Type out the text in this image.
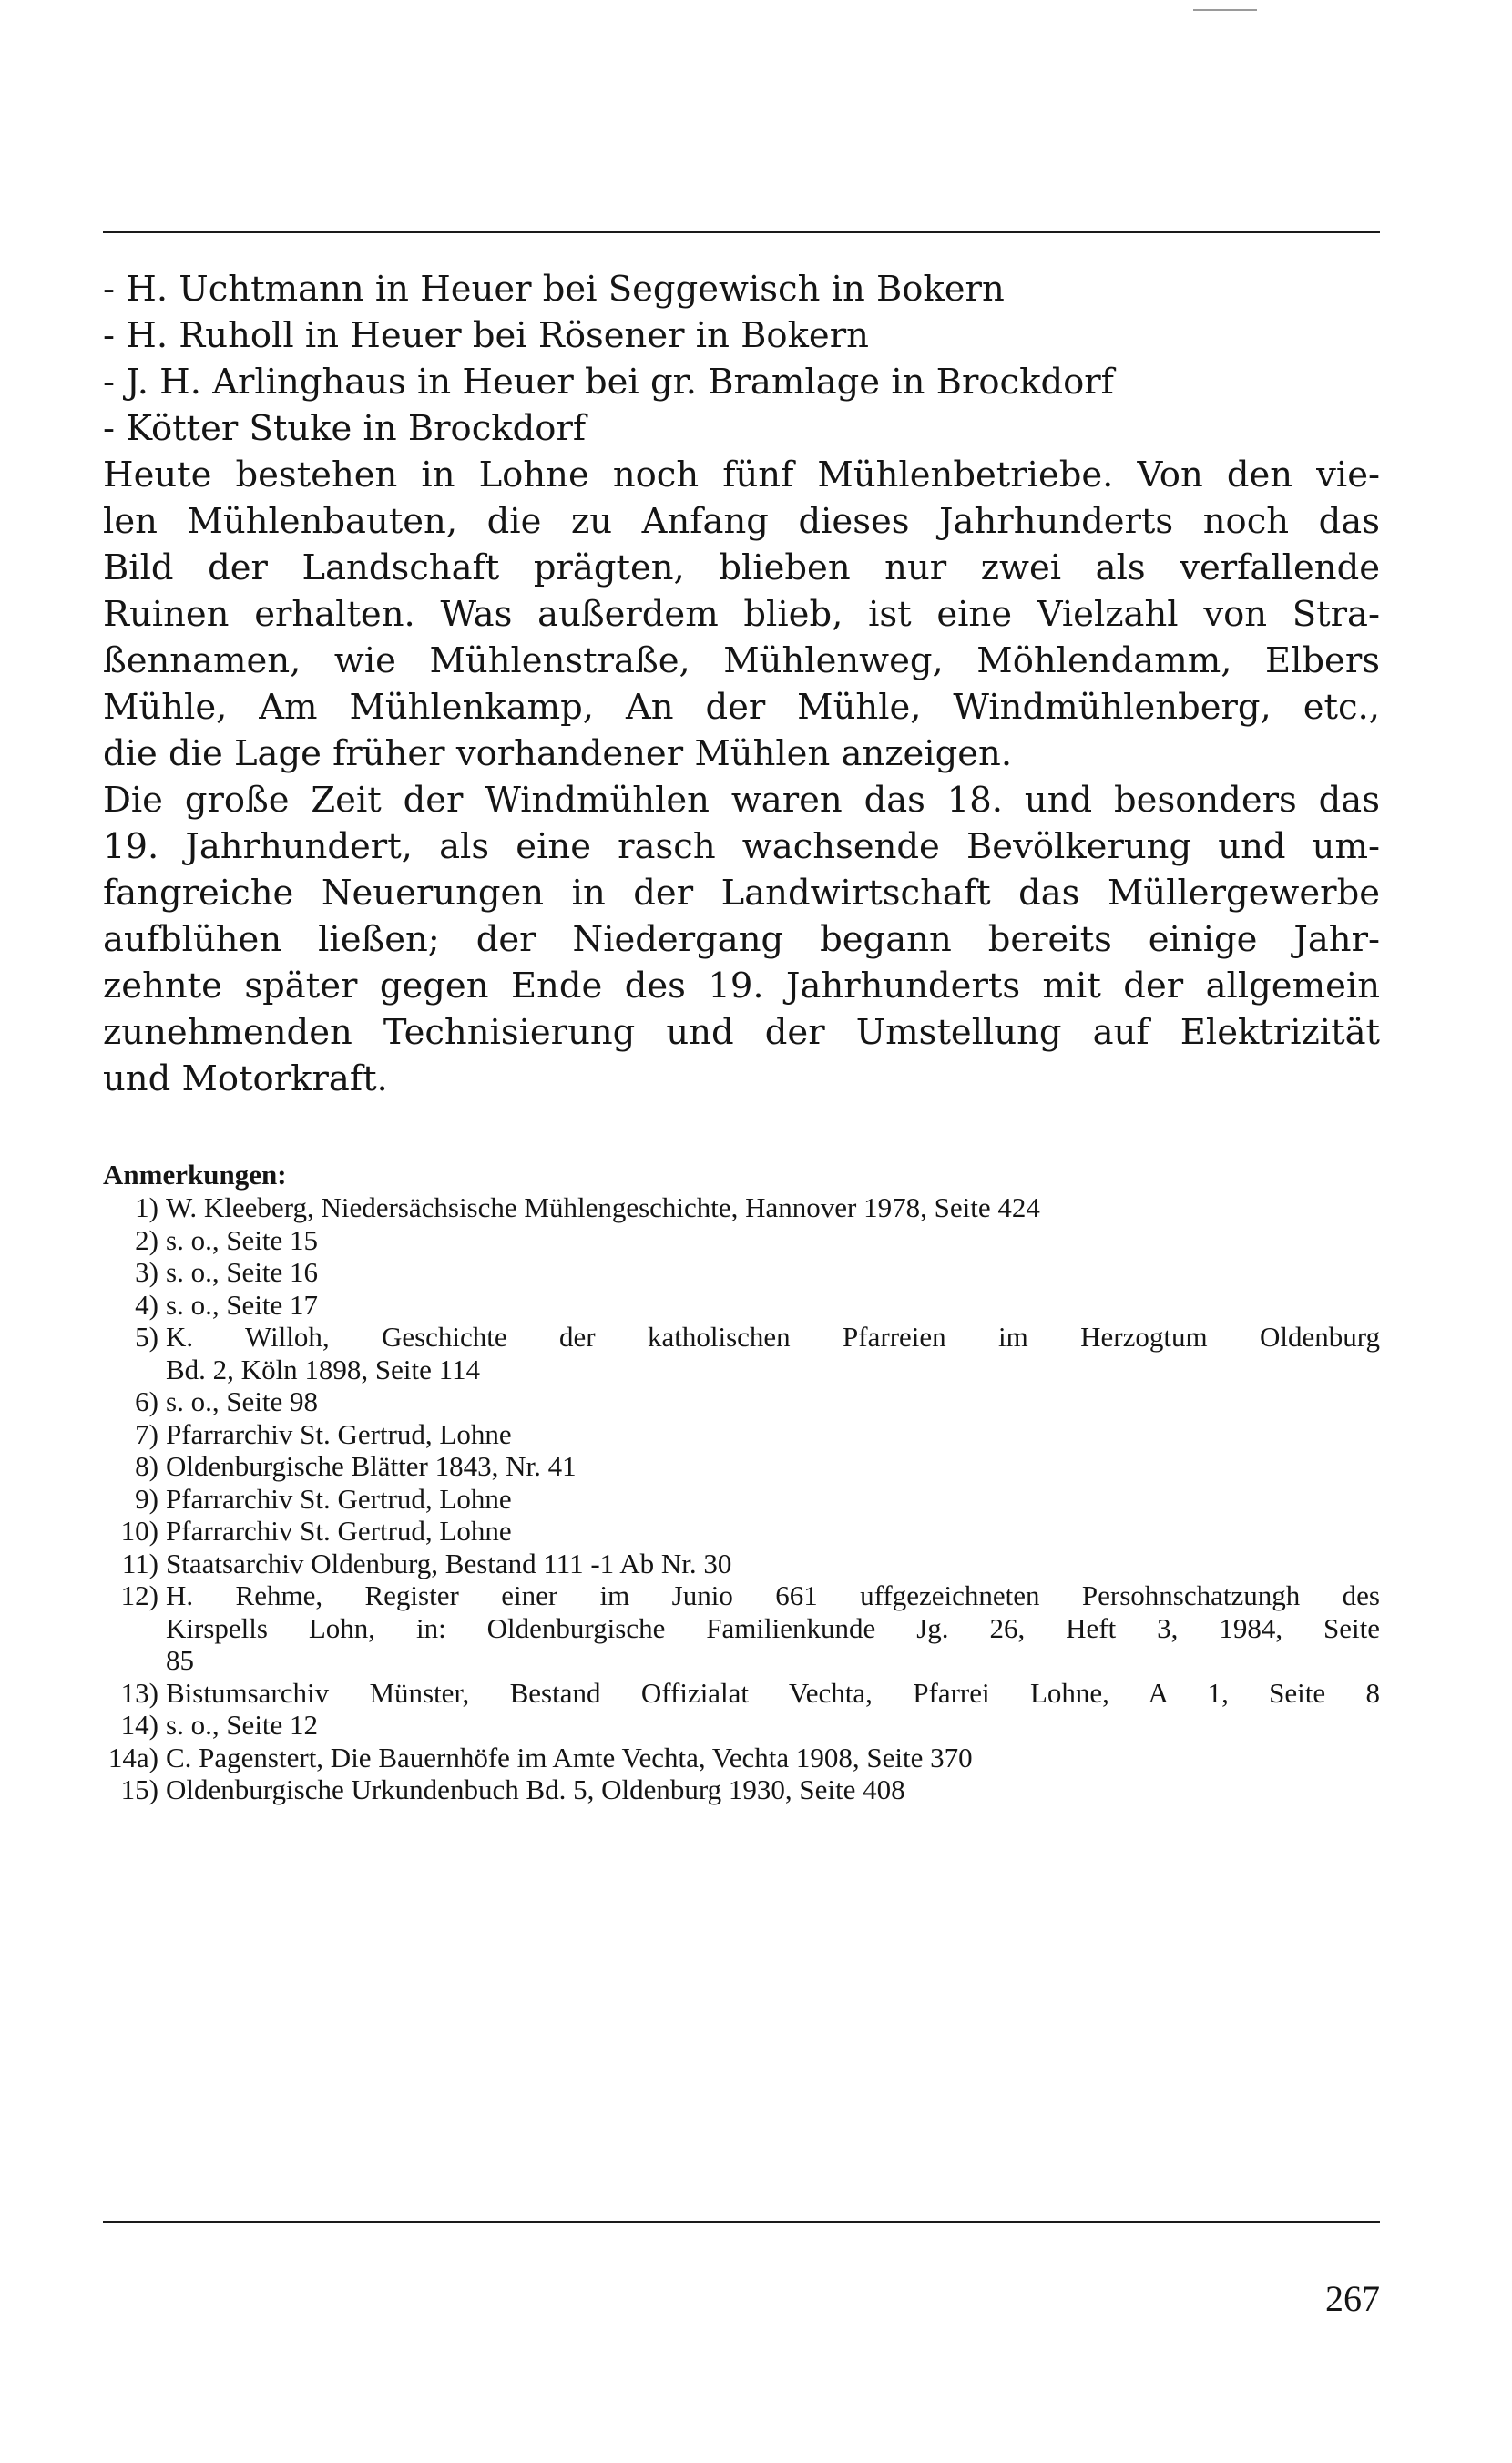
- H. Uchtmann in Heuer bei Seggewisch in Bokern
- H. Ruholl in Heuer bei Rösener in Bokern
- J. H. Arlinghaus in Heuer bei gr. Bramlage in Brockdorf
- Kötter Stuke in Brockdorf
Heute bestehen in Lohne noch fünf Mühlenbetriebe. Von den vie-
len Mühlenbauten, die zu Anfang dieses Jahrhunderts noch das
Bild der Landschaft prägten, blieben nur zwei als verfallende
Ruinen erhalten. Was außerdem blieb, ist eine Vielzahl von Stra-
ßennamen, wie Mühlenstraße, Mühlenweg, Möhlendamm, Elbers
Mühle, Am Mühlenkamp, An der Mühle, Windmühlenberg, etc.,
die die Lage früher vorhandener Mühlen anzeigen.
Die große Zeit der Windmühlen waren das 18. und besonders das
19. Jahrhundert, als eine rasch wachsende Bevölkerung und um-
fangreiche Neuerungen in der Landwirtschaft das Müllergewerbe
aufblühen ließen; der Niedergang begann bereits einige Jahr-
zehnte später gegen Ende des 19. Jahrhunderts mit der allgemein
zunehmenden Technisierung und der Umstellung auf Elektrizität
und Motorkraft.
Anmerkungen:
1) W. Kleeberg, Niedersächsische Mühlengeschichte, Hannover 1978, Seite 424
2) s. o., Seite 15
3) s. o., Seite 16
4) s. o., Seite 17
5) K. Willoh, Geschichte der katholischen Pfarreien im Herzogtum Oldenburg
Bd. 2, Köln 1898, Seite 114
6) s. o., Seite 98
7) Pfarrarchiv St. Gertrud, Lohne
8) Oldenburgische Blätter 1843, Nr. 41
9) Pfarrarchiv St. Gertrud, Lohne
10) Pfarrarchiv St. Gertrud, Lohne
11) Staatsarchiv Oldenburg, Bestand 111 -1 Ab Nr. 30
12) H. Rehme, Register einer im Junio 661 uffgezeichneten Persohnschatzungh des
Kirspells Lohn, in: Oldenburgische Familienkunde Jg. 26, Heft 3, 1984, Seite
85
13) Bistumsarchiv Münster, Bestand Offizialat Vechta, Pfarrei Lohne, A 1, Seite 8
14) s. o., Seite 12
14a) C. Pagenstert, Die Bauernhöfe im Amte Vechta, Vechta 1908, Seite 370
15) Oldenburgische Urkundenbuch Bd. 5, Oldenburg 1930, Seite 408
267
